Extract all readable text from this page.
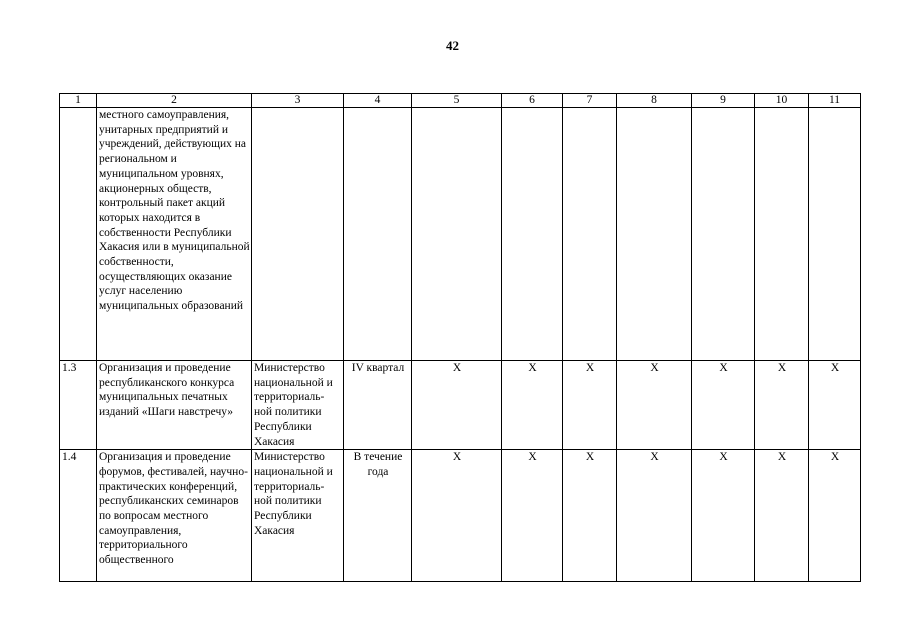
42
1	2	3	4	5	6	7	8	9	10	11
	местного самоуправления, унитарных предприятий и учреждений, действующих на региональном и муниципальном уровнях, акционерных обществ, контрольный пакет акций которых находится в собственности Республики Хакасия или в муниципальной собственности, осуществляющих оказание услуг населению муниципальных образований									
1.3	Организация и проведение республиканского конкурса муниципальных печатных изданий «Шаги навстречу»	Министерство национальной и территориаль-ной политики Республики Хакасия	IV квартал	Х	Х	Х	Х	Х	Х	Х
1.4	Организация и проведение форумов, фестивалей, научно-практических конференций, республиканских семинаров по вопросам местного самоуправления, территориального общественного	Министерство национальной и территориаль-ной политики Республики Хакасия	В течение года	Х	Х	Х	Х	Х	Х	Х
